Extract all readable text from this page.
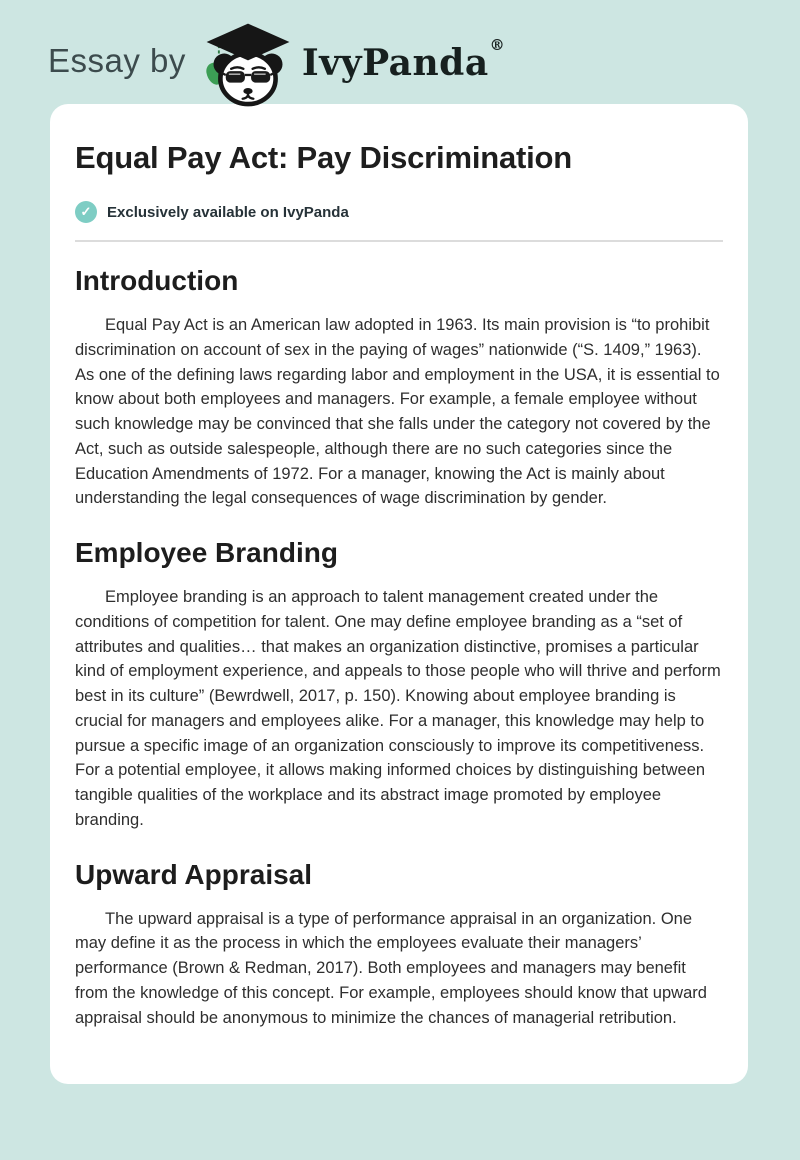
Essay by	IvyPanda®
Equal Pay Act: Pay Discrimination
✓	Exclusively available on IvyPanda
Introduction

Equal Pay Act is an American law adopted in 1963. Its main provision is “to prohibit discrimination on account of sex in the paying of wages” nationwide (“S. 1409,” 1963). As one of the defining laws regarding labor and employment in the USA, it is essential to know about both employees and managers. For example, a female employee without such knowledge may be convinced that she falls under the category not covered by the Act, such as outside salespeople, although there are no such categories since the Education Amendments of 1972. For a manager, knowing the Act is mainly about understanding the legal consequences of wage discrimination by gender.

Employee Branding

Employee branding is an approach to talent management created under the conditions of competition for talent. One may define employee branding as a “set of attributes and qualities… that makes an organization distinctive, promises a particular kind of employment experience, and appeals to those people who will thrive and perform best in its culture” (Bewrdwell, 2017, p. 150). Knowing about employee branding is crucial for managers and employees alike. For a manager, this knowledge may help to pursue a specific image of an organization consciously to improve its competitiveness. For a potential employee, it allows making informed choices by distinguishing between tangible qualities of the workplace and its abstract image promoted by employee branding.

Upward Appraisal

The upward appraisal is a type of performance appraisal in an organization. One may define it as the process in which the employees evaluate their managers’ performance (Brown & Redman, 2017). Both employees and managers may benefit from the knowledge of this concept. For example, employees should know that upward appraisal should be anonymous to minimize the chances of managerial retribution.
